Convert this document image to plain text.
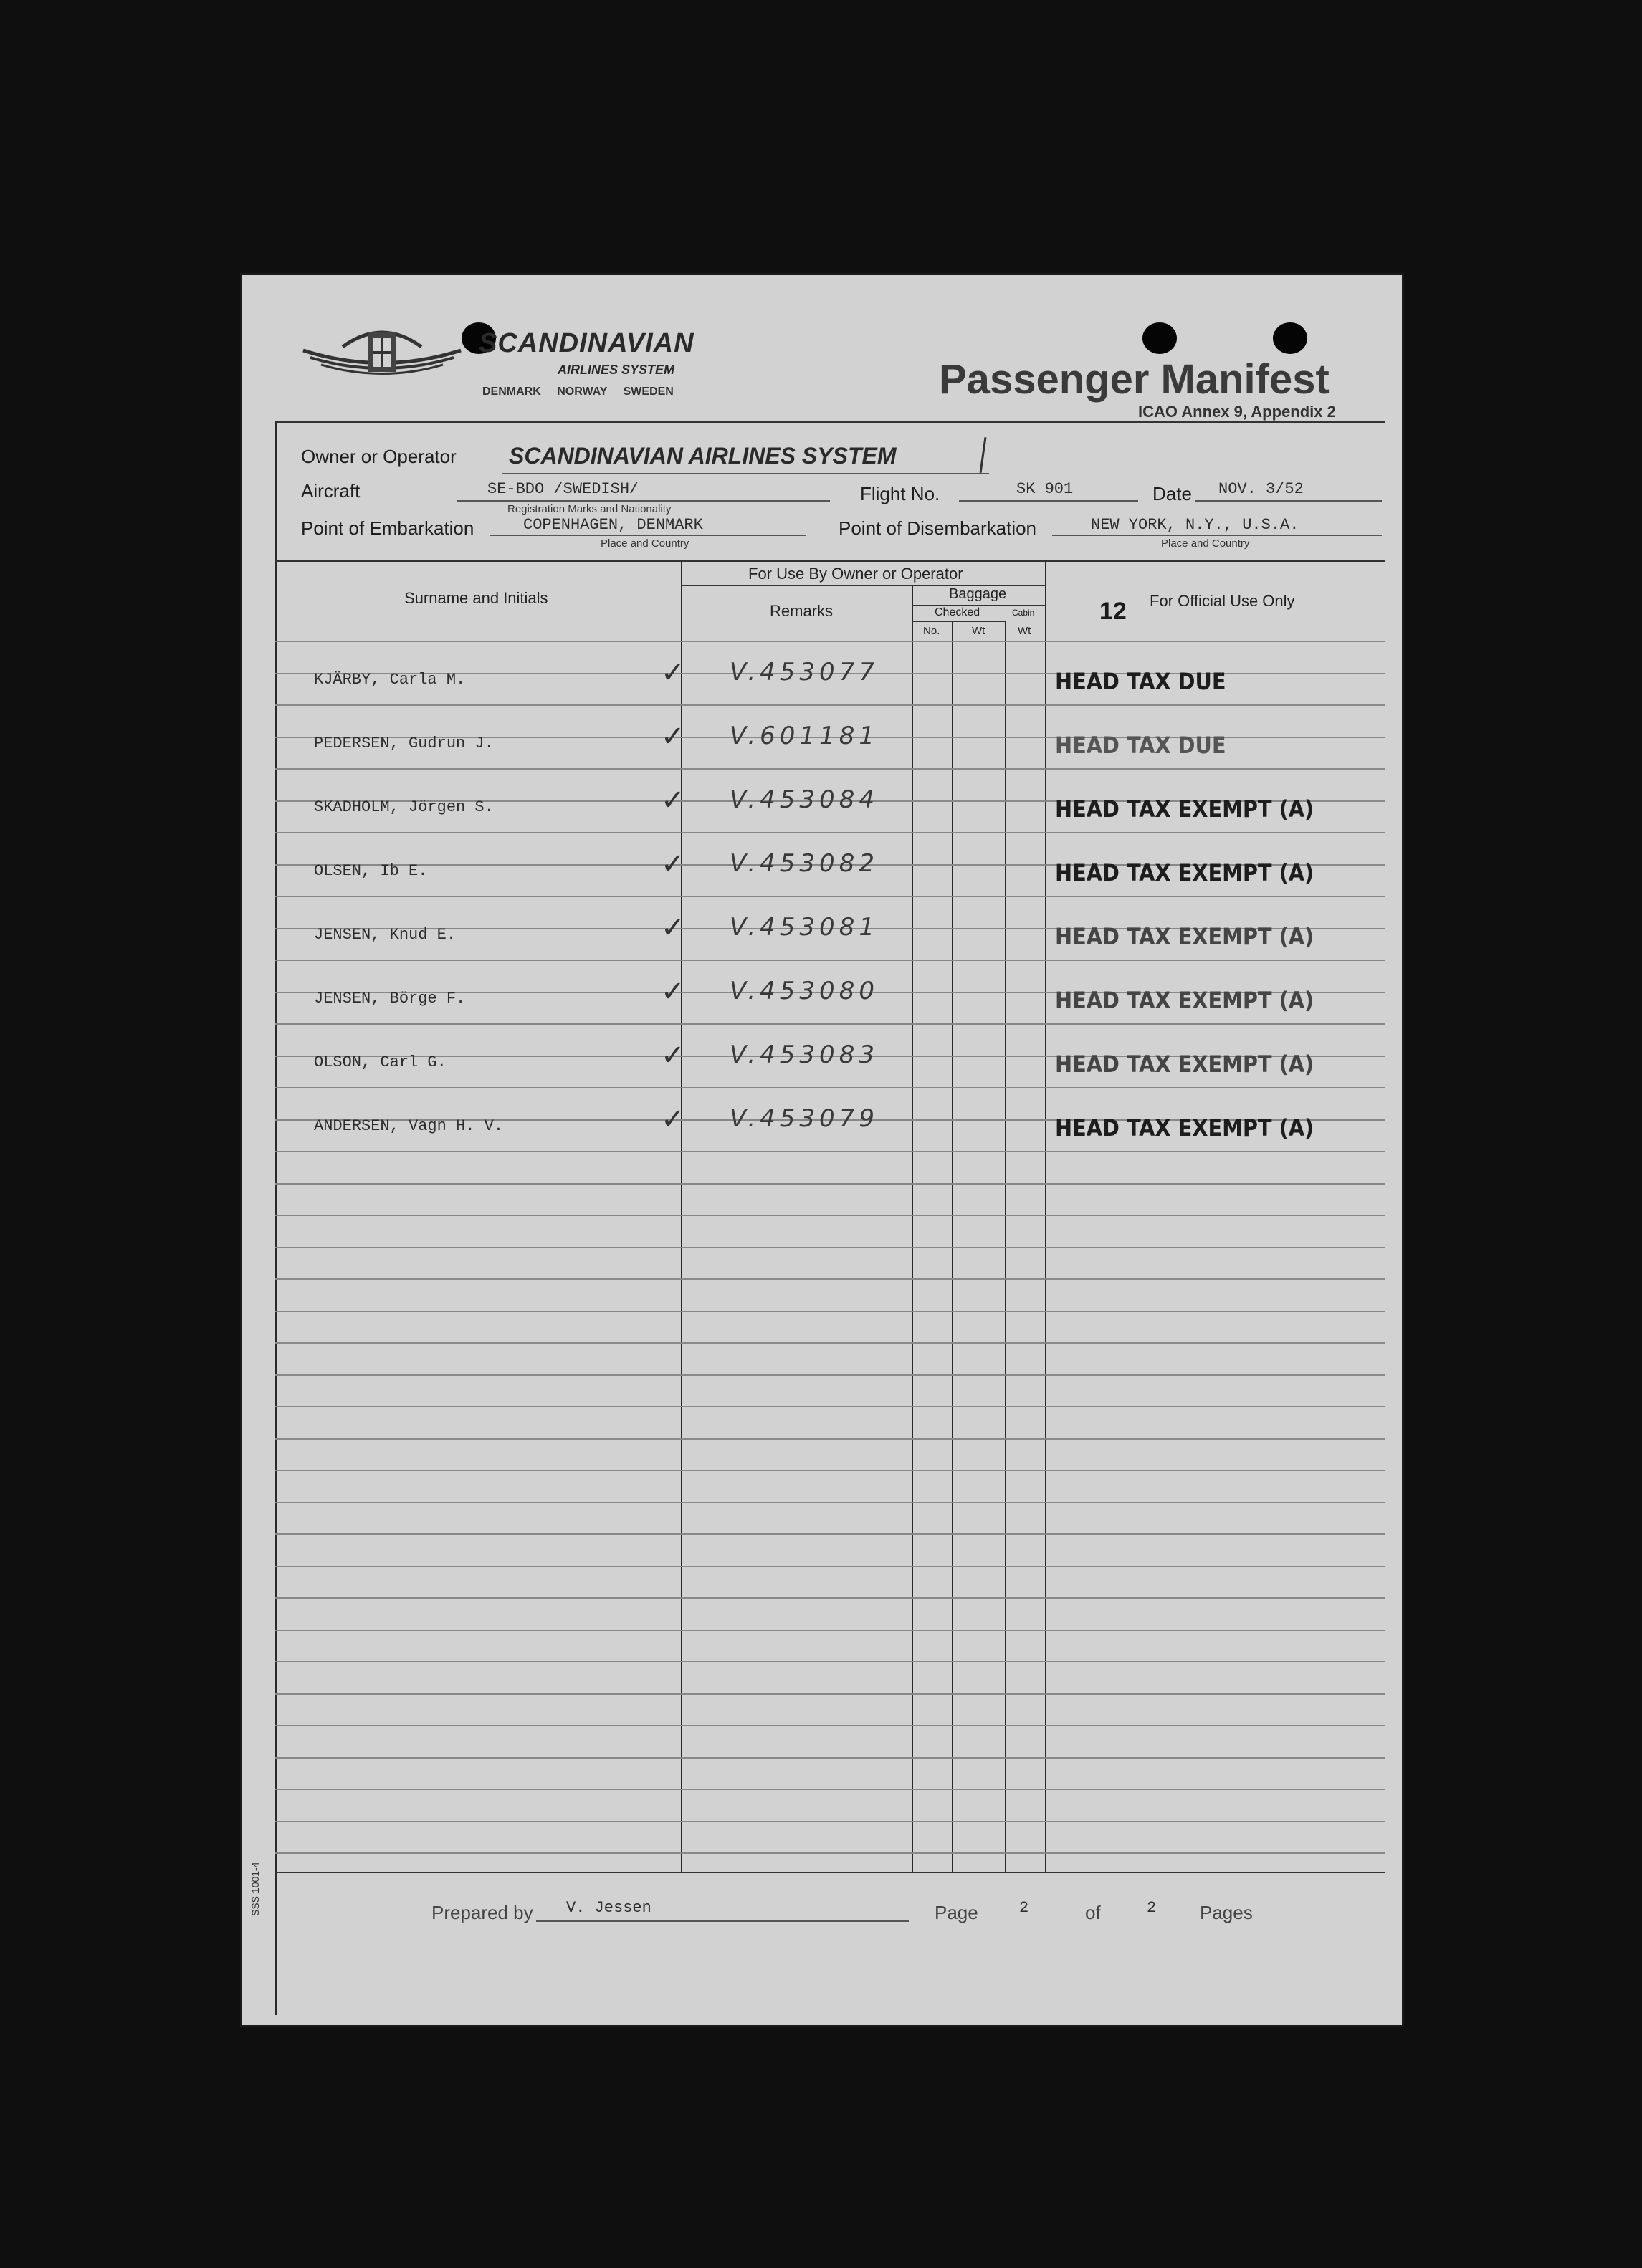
SCANDINAVIAN
AIRLINES SYSTEM
DENMARK NORWAY SWEDEN	Passenger Manifest
ICAO Annex 9, Appendix 2
Owner or Operator SCANDINAVIAN AIRLINES SYSTEM
Aircraft	SE-BDO /SWEDISH/
Registration Marks and Nationality
Flight No.	SK 901	Date NOV. 3/52
Point of Embarkation	COPENHAGEN, DENMARK
Place and Country
Point of Disembarkation	NEW YORK, N.Y., U.S.A.
Place and Country
Surname and Initials
For Use By Owner or Operator
Remarks
Baggage
Checked	Cabin
No.	Wt	Wt
12 For Official Use Only
KJÄRBY, Carla M.	✓ V.453077	HEAD TAX DUE
PEDERSEN, Gudrun J.	✓ V.601181	HEAD TAX DUE
SKADHOLM, Jörgen S.	✓ V.453084	HEAD TAX EXEMPT (A)
OLSEN, Ib E.	✓ V.453082	HEAD TAX EXEMPT (A)
JENSEN, Knud E.	✓ V.453081	HEAD TAX EXEMPT (A)
JENSEN, Börge F.	✓ V.453080	HEAD TAX EXEMPT (A)
OLSON, Carl G.	✓ V.453083	HEAD TAX EXEMPT (A)
ANDERSEN, Vagn H. V.	✓ V.453079	HEAD TAX EXEMPT (A)
SSS 1001-4	Prepared by V. Jessen	Page	2	of	2 Pages
